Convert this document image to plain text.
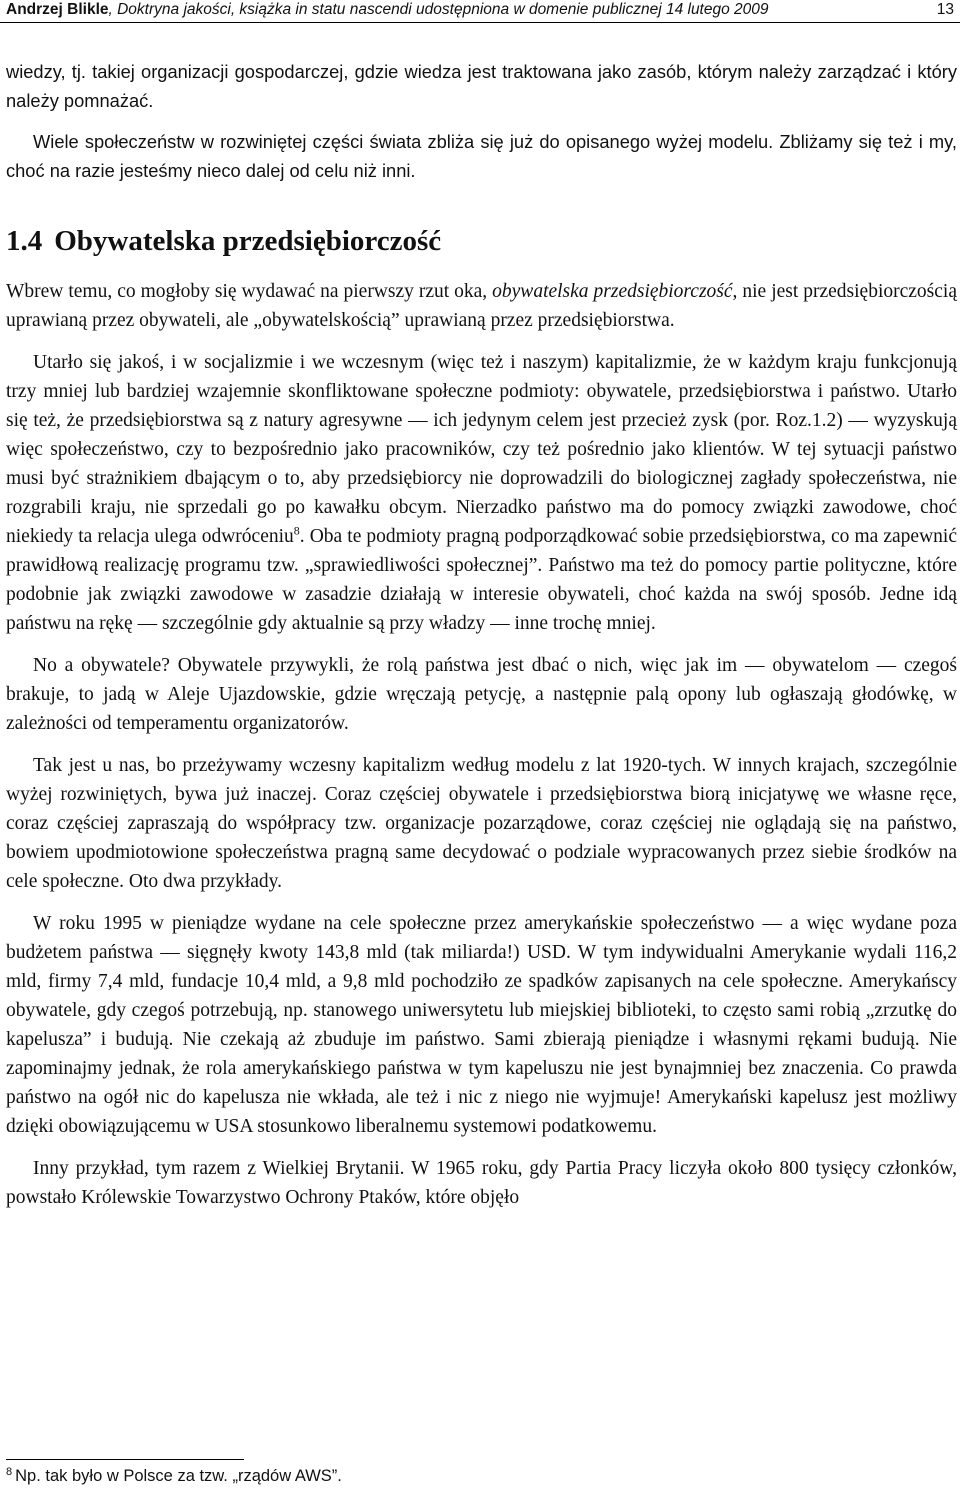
Andrzej Blikle, Doktryna jakości, książka in statu nascendi udostępniona w domenie publicznej 14 lutego 2009	13

wiedzy, tj. takiej organizacji gospodarczej, gdzie wiedza jest traktowana jako zasób, którym należy zarządzać i który należy pomnażać.

Wiele społeczeństw w rozwiniętej części świata zbliża się już do opisanego wyżej modelu. Zbliżamy się też i my, choć na razie jesteśmy nieco dalej od celu niż inni.

1.4 Obywatelska przedsiębiorczość

Wbrew temu, co mogłoby się wydawać na pierwszy rzut oka, obywatelska przedsiębiorczość, nie jest przedsiębiorczością uprawianą przez obywateli, ale „obywatelskością” uprawianą przez przedsiębiorstwa.

Utarło się jakoś, i w socjalizmie i we wczesnym (więc też i naszym) kapitalizmie, że w każdym kraju funkcjonują trzy mniej lub bardziej wzajemnie skonfliktowane społeczne podmioty: obywatele, przedsiębiorstwa i państwo. Utarło się też, że przedsiębiorstwa są z natury agresywne — ich jedynym celem jest przecież zysk (por. Roz.1.2) — wyzyskują więc społeczeństwo, czy to bezpośrednio jako pracowników, czy też pośrednio jako klientów. W tej sytuacji państwo musi być strażnikiem dbającym o to, aby przedsiębiorcy nie doprowadzili do biologicznej zagłady społeczeństwa, nie rozgrabili kraju, nie sprzedali go po kawałku obcym. Nierzadko państwo ma do pomocy związki zawodowe, choć niekiedy ta relacja ulega odwróceniu$^8$. Oba te podmioty pragną podporządkować sobie przedsiębiorstwa, co ma zapewnić prawidłową realizację programu tzw. „sprawiedliwości społecznej”. Państwo ma też do pomocy partie polityczne, które podobnie jak związki zawodowe w zasadzie działają w interesie obywateli, choć każda na swój sposób. Jedne idą państwu na rękę — szczególnie gdy aktualnie są przy władzy — inne trochę mniej.

No a obywatele? Obywatele przywykli, że rolą państwa jest dbać o nich, więc jak im — obywatelom — czegoś brakuje, to jadą w Aleje Ujazdowskie, gdzie wręczają petycję, a następnie palą opony lub ogłaszają głodówkę, w zależności od temperamentu organizatorów.

Tak jest u nas, bo przeżywamy wczesny kapitalizm według modelu z lat 1920-tych. W innych krajach, szczególnie wyżej rozwiniętych, bywa już inaczej. Coraz częściej obywatele i przedsiębiorstwa biorą inicjatywę we własne ręce, coraz częściej zapraszają do współpracy tzw. organizacje pozarządowe, coraz częściej nie oglądają się na państwo, bowiem upodmiotowione społeczeństwa pragną same decydować o podziale wypracowanych przez siebie środków na cele społeczne. Oto dwa przykłady.

W roku 1995 w pieniądze wydane na cele społeczne przez amerykańskie społeczeństwo — a więc wydane poza budżetem państwa — sięgnęły kwoty 143,8 mld (tak miliarda!) USD. W tym indywidualni Amerykanie wydali 116,2 mld, firmy 7,4 mld, fundacje 10,4 mld, a 9,8 mld pochodziło ze spadków zapisanych na cele społeczne. Amerykańscy obywatele, gdy czegoś potrzebują, np. stanowego uniwersytetu lub miejskiej biblioteki, to często sami robią „zrzutkę do kapelusza” i budują. Nie czekają aż zbuduje im państwo. Sami zbierają pieniądze i własnymi rękami budują. Nie zapominajmy jednak, że rola amerykańskiego państwa w tym kapeluszu nie jest bynajmniej bez znaczenia. Co prawda państwo na ogół nic do kapelusza nie wkłada, ale też i nic z niego nie wyjmuje! Amerykański kapelusz jest możliwy dzięki obowiązującemu w USA stosunkowo liberalnemu systemowi podatkowemu.

Inny przykład, tym razem z Wielkiej Brytanii. W 1965 roku, gdy Partia Pracy liczyła około 800 tysięcy członków, powstało Królewskie Towarzystwo Ochrony Ptaków, które objęło

$^8$ Np. tak było w Polsce za tzw. „rządów AWS”.
